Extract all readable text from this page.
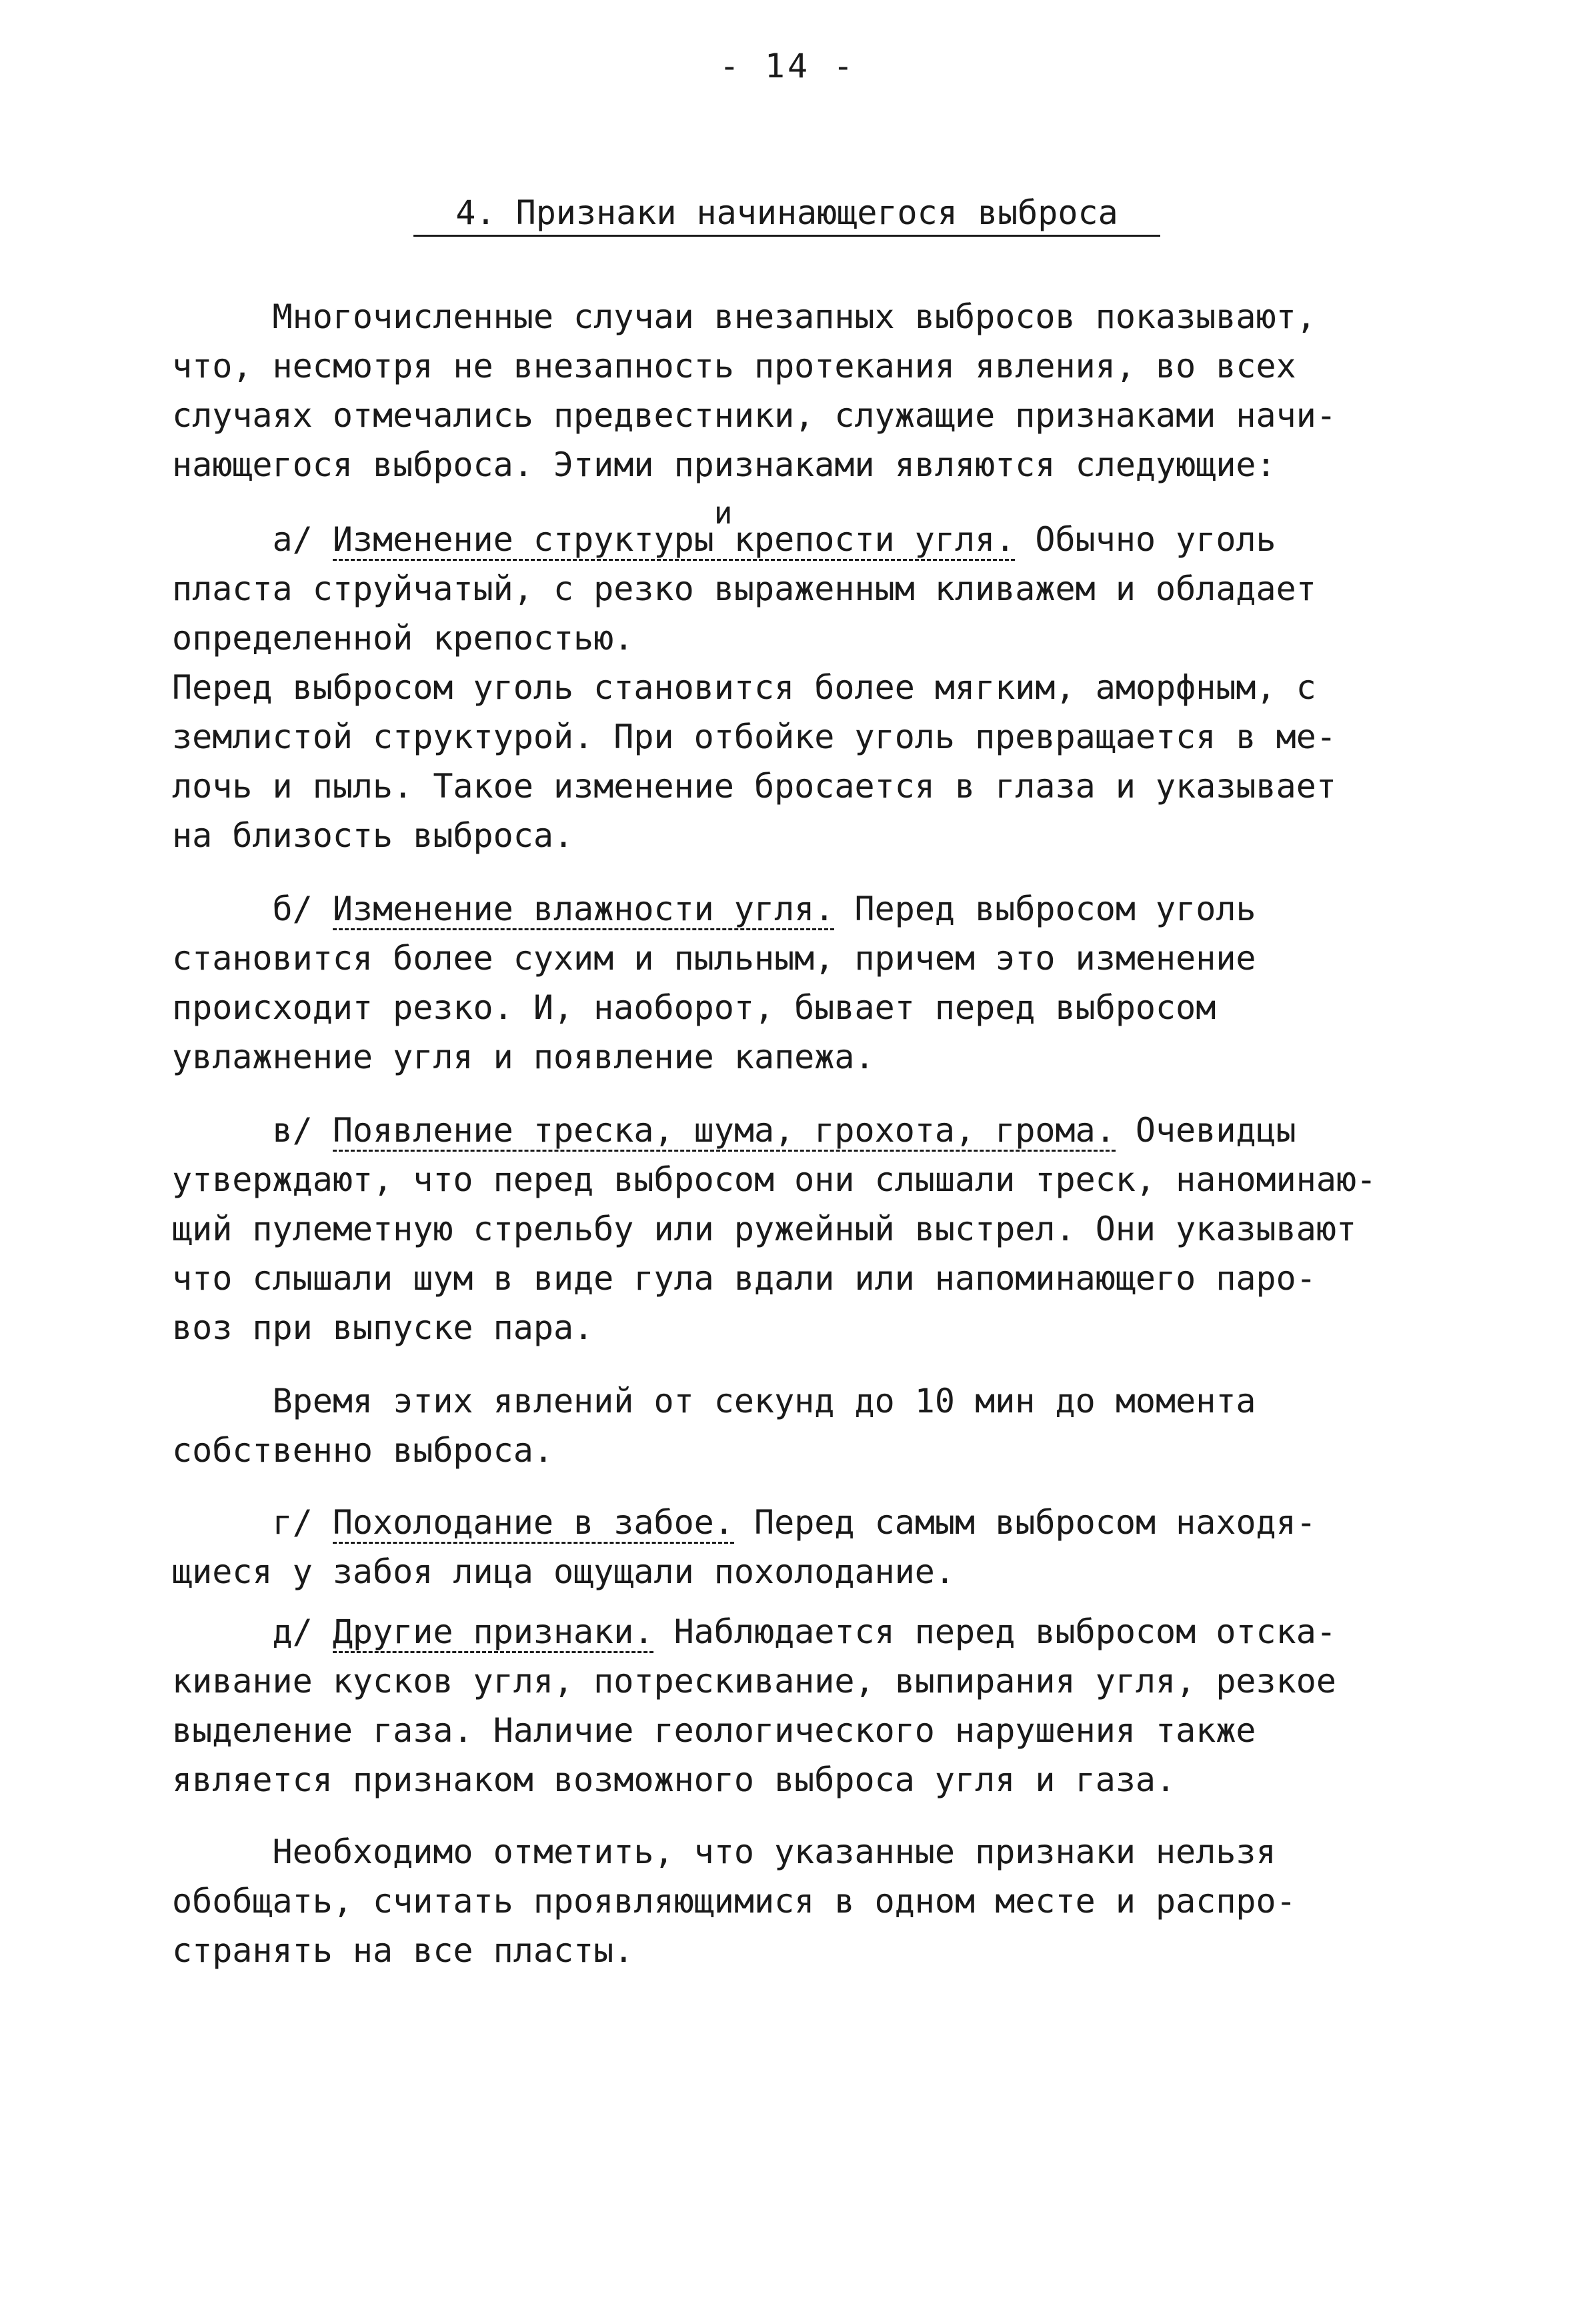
- 14 -
4. Признаки начинающегося выброса
Многочисленные случаи внезапных выбросов показывают,
что, несмотря не внезапность протекания явления, во всех
случаях отмечались предвестники, служащие признаками начи-
нающегося выброса. Этими признаками являются следующие:
а/ Изменение структуры
и
крепости угля. Обычно уголь
пласта струйчатый, с резко выраженным кливажем и обладает
определенной крепостью.
Перед выбросом уголь становится более мягким, аморфным, с
землистой структурой. При отбойке уголь превращается в ме-
лочь и пыль. Такое изменение бросается в глаза и указывает
на близость выброса.
б/ Изменение влажности угля. Перед выбросом уголь
становится более сухим и пыльным, причем это изменение
происходит резко. И, наоборот, бывает перед выбросом
увлажнение угля и появление капежа.
в/ Появление треска, шума, грохота, грома. Очевидцы
утверждают, что перед выбросом они слышали треск, наноминаю-
щий пулеметную стрельбу или ружейный выстрел. Они указывают
что слышали шум в виде гула вдали или напоминающего паро-
воз при выпуске пара.
Время этих явлений от секунд до 10 мин до момента
собственно выброса.
г/ Похолодание в забое. Перед самым выбросом находя-
щиеся у забоя лица ощущали похолодание.
д/ Другие признаки. Наблюдается перед выбросом отска-
кивание кусков угля, потрескивание, выпирания угля, резкое
выделение газа. Наличие геологического нарушения также
является признаком возможного выброса угля и газа.
Необходимо отметить, что указанные признаки нельзя
обобщать, считать проявляющимися в одном месте и распро-
странять на все пласты.
